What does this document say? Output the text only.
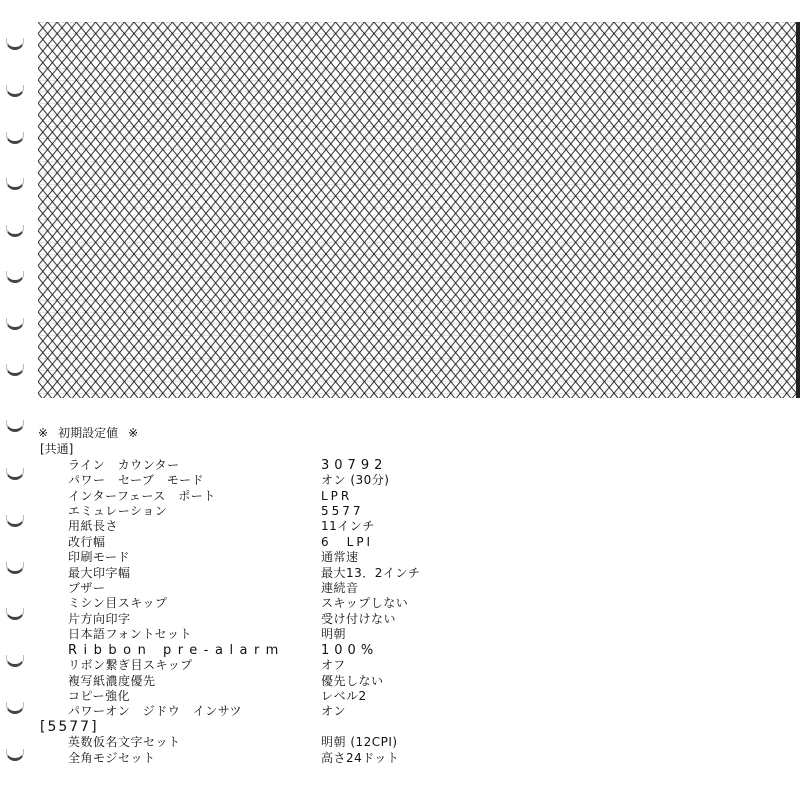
※ 初期設定値 ※
[共通]
ライン　カウンター	30792
パワー　セーブ　モード	オン (30分)
インターフェース　ポート	LPR
エミュレーション	5577
用紙長さ	11インチ
改行幅	6　LPI
印刷モード	通常速
最大印字幅	最大13．2インチ
ブザー	連続音
ミシン目スキップ	スキップしない
片方向印字	受け付けない
日本語フォントセット	明朝
Ribbon pre-alarm	100%
リボン繋ぎ目スキップ	オフ
複写紙濃度優先	優先しない
コピー強化	レベル2
パワーオン　ジドウ　インサツ	オン
[5577]
英数仮名文字セット	明朝 (12CPI)
全角モジセット	高さ24ドット
